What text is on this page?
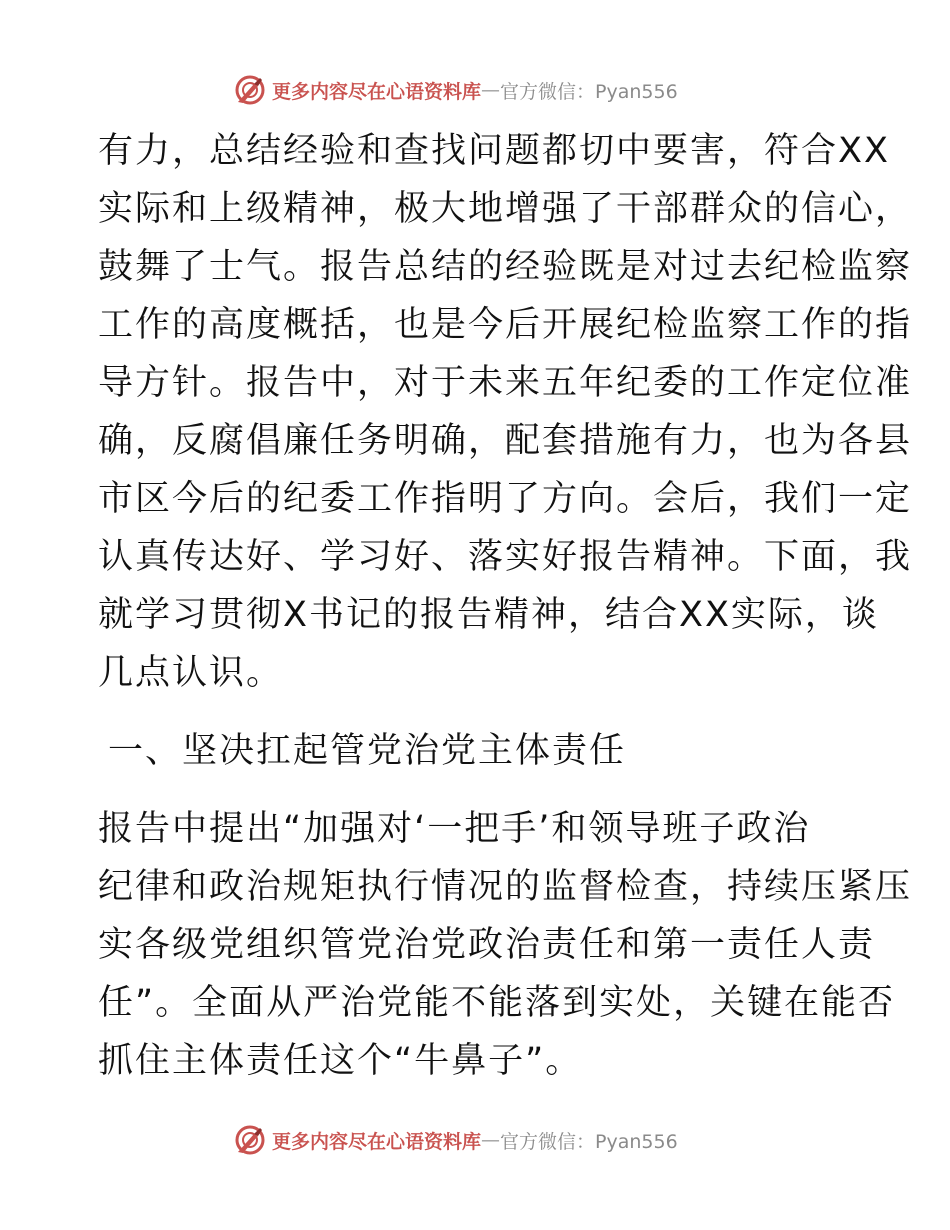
更多内容尽在心语资料库 — 官方微信：Pyan556
有力，总结经验和查找问题都切中要害，符合XX
实际和上级精神，极大地增强了干部群众的信心，
鼓舞了士气。报告总结的经验既是对过去纪检监察
工作的高度概括，也是今后开展纪检监察工作的指
导方针。报告中，对于未来五年纪委的工作定位准
确，反腐倡廉任务明确，配套措施有力，也为各县
市区今后的纪委工作指明了方向。会后，我们一定
认真传达好、学习好、落实好报告精神。下面，我
就学习贯彻X书记的报告精神，结合XX实际，谈
几点认识。
一、坚决扛起管党治党主体责任
报告中提出“加强对‘一把手’和领导班子政治
纪律和政治规矩执行情况的监督检查，持续压紧压
实各级党组织管党治党政治责任和第一责任人责
任”。全面从严治党能不能落到实处，关键在能否
抓住主体责任这个“牛鼻子”。
更多内容尽在心语资料库 — 官方微信：Pyan556
